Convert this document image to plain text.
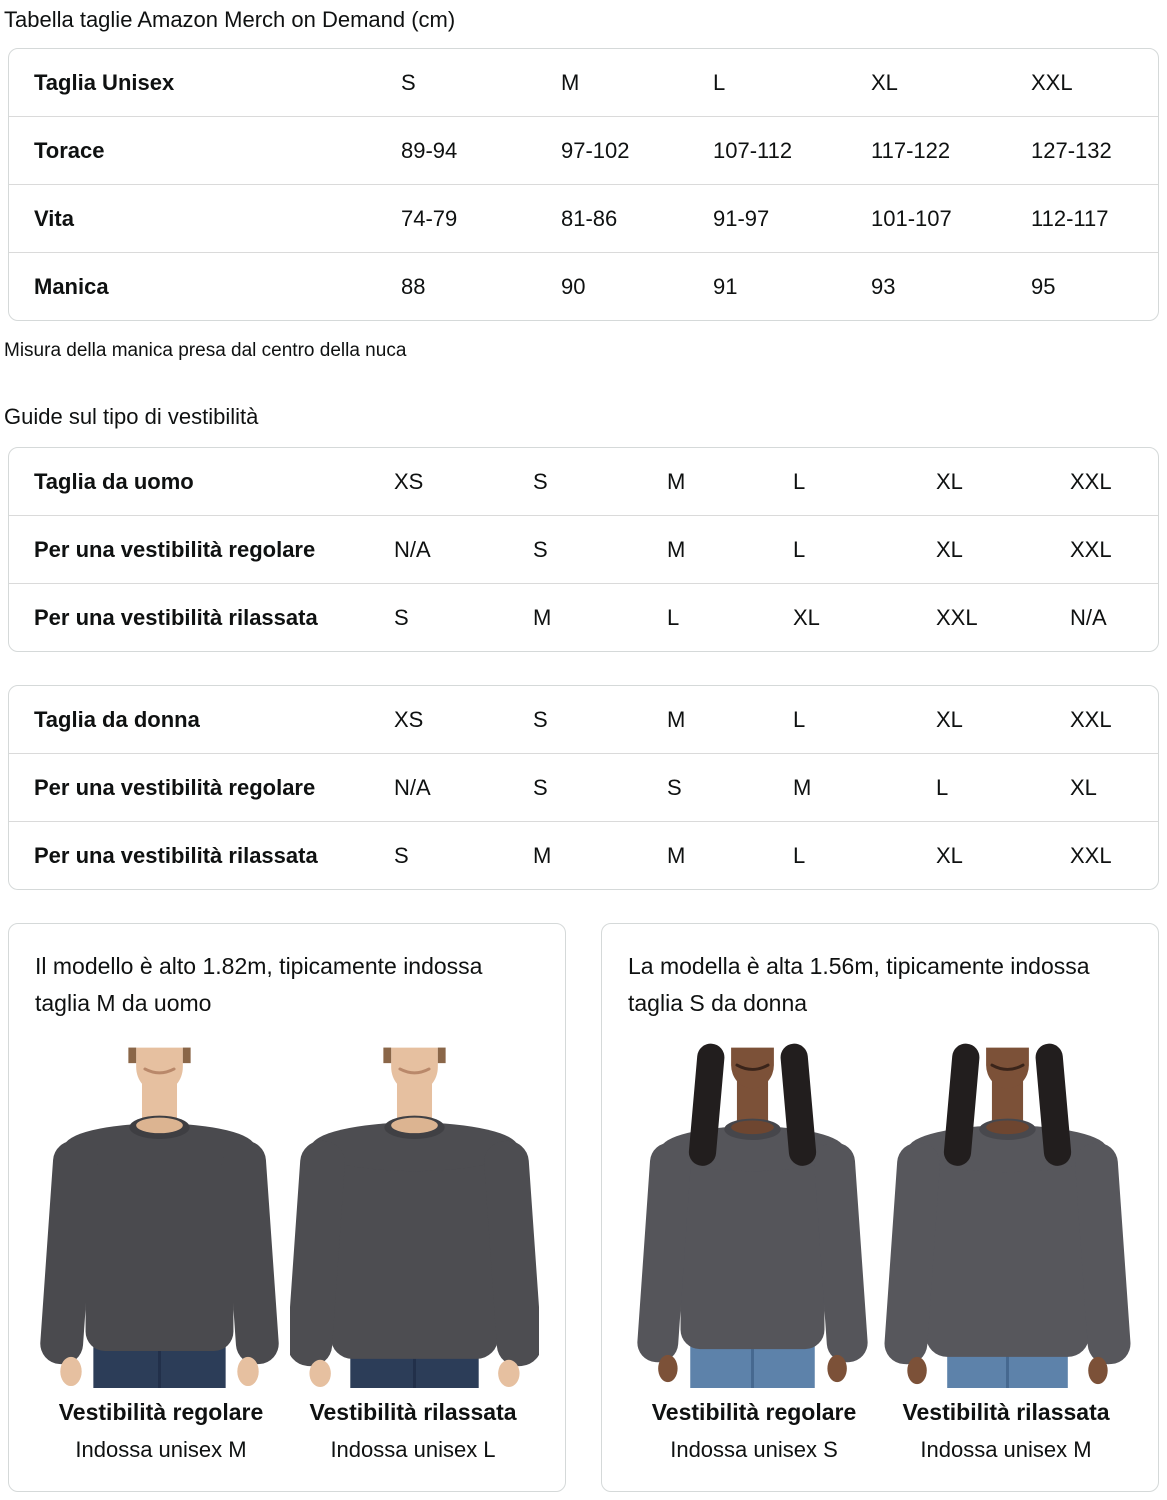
Tabella taglie Amazon Merch on Demand (cm)
Taglia Unisex	S	M	L	XL	XXL
Torace	89-94	97-102	107-112	117-122	127-132
Vita	74-79	81-86	91-97	101-107	112-117
Manica	88	90	91	93	95

Misura della manica presa dal centro della nuca

Guide sul tipo di vestibilità
Taglia da uomo	XS	S	M	L	XL	XXL
Per una vestibilità regolare	N/A	S	M	L	XL	XXL
Per una vestibilità rilassata	S	M	L	XL	XXL	N/A
Taglia da donna	XS	S	M	L	XL	XXL
Per una vestibilità regolare	N/A	S	S	M	L	XL
Per una vestibilità rilassata	S	M	M	L	XL	XXL

Il modello è alto 1.82m, tipicamente indossa taglia M da uomo

Vestibilità regolare
Indossa unisex M
Vestibilità rilassata
Indossa unisex L

La modella è alta 1.56m, tipicamente indossa taglia S da donna

Vestibilità regolare
Indossa unisex S
Vestibilità rilassata
Indossa unisex M
